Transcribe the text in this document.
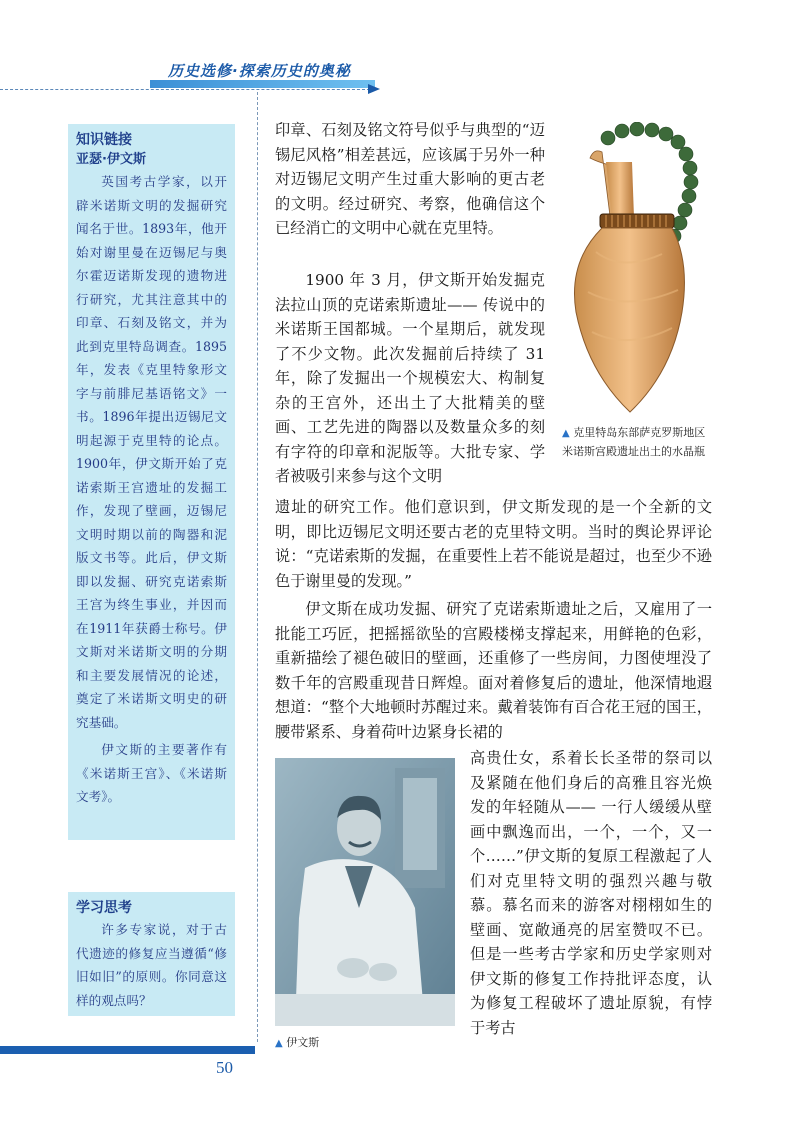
历史选修·探索历史的奥秘
知识链接
亚瑟·伊文斯

英国考古学家，以开辟米诺斯文明的发掘研究闻名于世。1893年，他开始对谢里曼在迈锡尼与奥尔霍迈诺斯发现的遗物进行研究，尤其注意其中的印章、石刻及铭文，并为此到克里特岛调查。1895年，发表《克里特象形文字与前腓尼基语铭文》一书。1896年提出迈锡尼文明起源于克里特的论点。1900年，伊文斯开始了克诺索斯王宫遗址的发掘工作，发现了壁画，迈锡尼文明时期以前的陶器和泥版文书等。此后，伊文斯即以发掘、研究克诺索斯王宫为终生事业，并因而在1911年获爵士称号。伊文斯对米诺斯文明的分期和主要发展情况的论述，奠定了米诺斯文明史的研究基础。

伊文斯的主要著作有《米诺斯王宫》、《米诺斯文考》。

学习思考

许多专家说，对于古代遗迹的修复应当遵循“修旧如旧”的原则。你同意这样的观点吗？

印章、石刻及铭文符号似乎与典型的“迈锡尼风格”相差甚远，应该属于另外一种对迈锡尼文明产生过重大影响的更古老的文明。经过研究、考察，他确信这个已经消亡的文明中心就在克里特。

1900 年 3 月，伊文斯开始发掘克法拉山顶的克诺索斯遗址—— 传说中的米诺斯王国都城。一个星期后，就发现了不少文物。此次发掘前后持续了 31 年，除了发掘出一个规模宏大、构制复杂的王宫外，还出土了大批精美的壁画、工艺先进的陶器以及数量众多的刻有字符的印章和泥版等。大批专家、学者被吸引来参与这个文明

遗址的研究工作。他们意识到，伊文斯发现的是一个全新的文明，即比迈锡尼文明还要古老的克里特文明。当时的舆论界评论说：“克诺索斯的发掘，在重要性上若不能说是超过，也至少不逊色于谢里曼的发现。”

伊文斯在成功发掘、研究了克诺索斯遗址之后，又雇用了一批能工巧匠，把摇摇欲坠的宫殿楼梯支撑起来，用鲜艳的色彩，重新描绘了褪色破旧的壁画，还重修了一些房间，力图使埋没了数千年的宫殿重现昔日辉煌。面对着修复后的遗址，他深情地遐想道：“整个大地顿时苏醒过来。戴着装饰有百合花王冠的国王，腰带紧系、身着荷叶边紧身长裙的

高贵仕女，系着长长圣带的祭司以及紧随在他们身后的高雅且容光焕发的年轻随从—— 一行人缓缓从壁画中飘逸而出，一个，一个，又一个……”伊文斯的复原工程激起了人们对克里特文明的强烈兴趣与敬慕。慕名而来的游客对栩栩如生的壁画、宽敞通亮的居室赞叹不已。但是一些考古学家和历史学家则对伊文斯的修复工作持批评态度，认为修复工程破坏了遗址原貌，有悖于考古

▲ 克里特岛东部萨克罗斯地区米诺斯宫殿遗址出土的水晶瓶
▲ 伊文斯
50
